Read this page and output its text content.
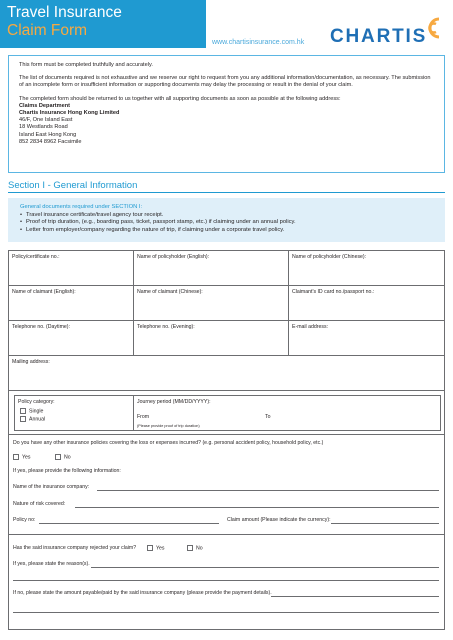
Travel Insurance
Claim Form
www.chartisinsurance.com.hk CHARTIS

This form must be completed truthfully and accurately.

The list of documents required is not exhaustive and we reserve our right to request from you any additional information/documentation, as necessary. The submission of an incomplete form or insufficient information or supporting documents may delay the processing or result in the denial of your claim.

The completed form should be returned to us together with all supporting documents as soon as possible at the following address:
Claims Department
Chartis Insurance Hong Kong Limited
46/F, One Island East
18 Westlands Road
Island East Hong Kong
852 2834 8962 Facsimile

Section I - General Information
General documents required under SECTION I:
• Travel insurance certificate/travel agency tour receipt.
• Proof of trip duration, (e.g., boarding pass, ticket, passport stamp, etc.) if claiming under an annual policy.
• Letter from employer/company regarding the nature of trip, if claiming under a corporate travel policy.
Policy/certificate no.:	Name of policyholder (English):	Name of policyholder (Chinese):
Name of claimant (English):	Name of claimant (Chinese):	Claimant's ID card no./passport no.:
Telephone no. (Daytime):	Telephone no. (Evening):	E-mail address:
Mailing address:
Policy category:
Single
Annual
Journey period (MM/DD/YYYY):
From	To
(Please provide proof of trip duration)
Do you have any other insurance policies covering the loss or expenses incurred? (e.g. personal accident policy, household policy, etc.)
Yes	No
If yes, please provide the following information:
Name of the insurance company:
Nature of risk covered:
Policy no:	Claim amount (Please indicate the currency):
Has the said insurance company rejected your claim?	Yes	No
If yes, please state the reason(s).
If no, please state the amount payable/paid by the said insurance company (please provide the payment details).
